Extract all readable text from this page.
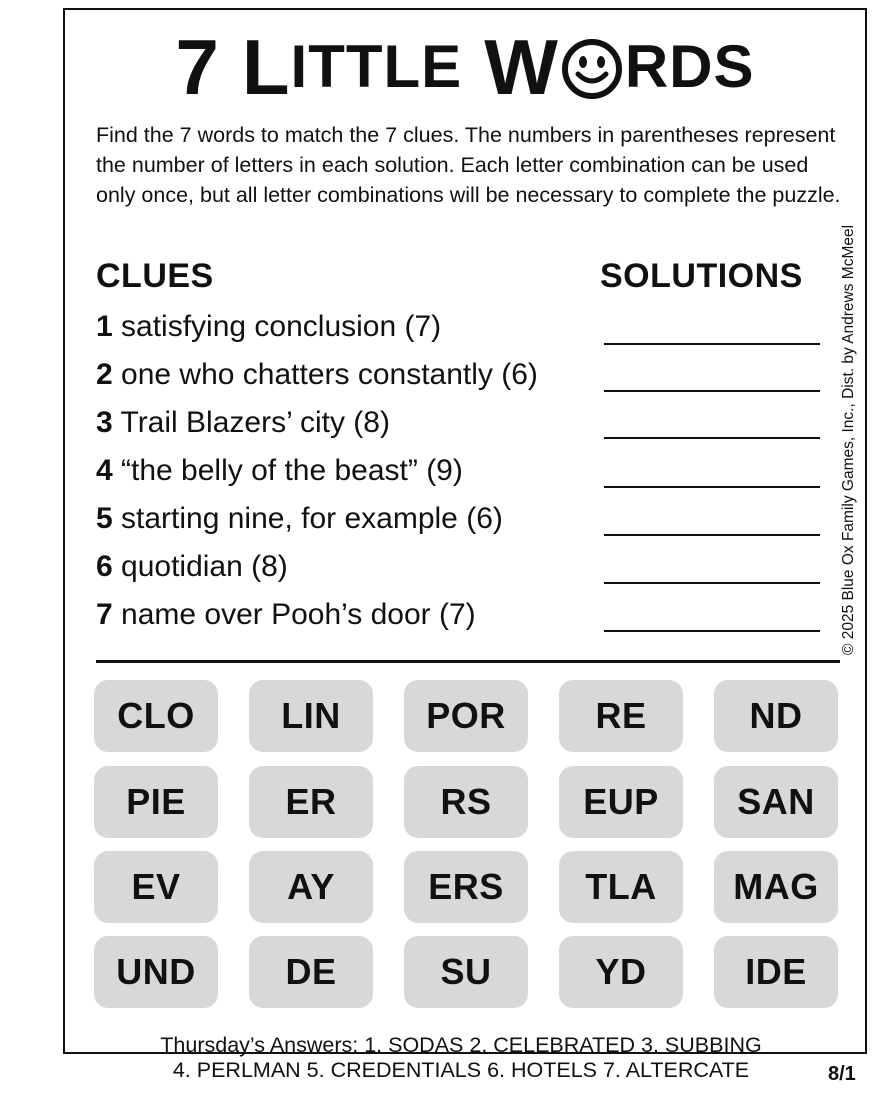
7 L ITTLE W RDS
Find the 7 words to match the 7 clues. The numbers in parentheses represent the number of letters in each solution. Each letter combination can be used only once, but all letter combinations will be necessary to complete the puzzle.
CLUES	SOLUTIONS
1 satisfying conclusion (7)
2 one who chatters constantly (6)
3 Trail Blazers’ city (8)
4 “the belly of the beast” (9)
5 starting nine, for example (6)
6 quotidian (8)
7 name over Pooh’s door (7)
CLO	LIN	POR	RE	ND
PIE	ER	RS	EUP	SAN
EV	AY	ERS	TLA	MAG
UND	DE	SU	YD	IDE
Thursday’s Answers: 1. SODAS 2. CELEBRATED 3. SUBBING
4. PERLMAN 5. CREDENTIALS 6. HOTELS 7. ALTERCATE	8/1
© 2025 Blue Ox Family Games, Inc., Dist. by Andrews McMeel
